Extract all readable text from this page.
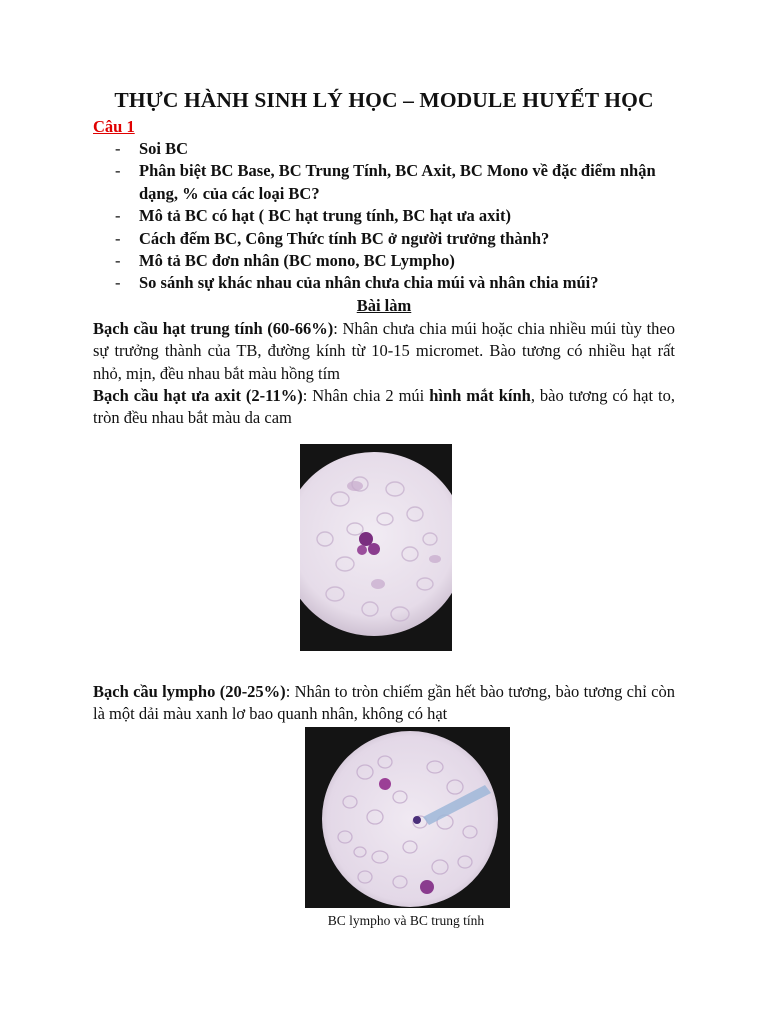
THỰC HÀNH SINH LÝ HỌC – MODULE HUYẾT HỌC
Câu 1
- Soi BC
- Phân biệt BC Base, BC Trung Tính, BC Axit, BC Mono về đặc điểm nhận dạng, % của các loại BC?
- Mô tả BC có hạt ( BC hạt trung tính, BC hạt ưa axit)
- Cách đếm BC, Công Thức tính BC ở người trưởng thành?
- Mô tả BC đơn nhân (BC mono, BC Lympho)
- So sánh sự khác nhau của nhân chưa chia múi và nhân chia múi?
Bài làm

Bạch cầu hạt trung tính (60-66%): Nhân chưa chia múi hoặc chia nhiều múi tùy theo sự trưởng thành của TB, đường kính từ 10-15 micromet. Bào tương có nhiều hạt rất nhỏ, mịn, đều nhau bắt màu hồng tím

Bạch cầu hạt ưa axit (2-11%): Nhân chia 2 múi hình mắt kính, bào tương có hạt to, tròn đều nhau bắt màu da cam

Bạch cầu lympho (20-25%): Nhân to tròn chiếm gần hết bào tương, bào tương chỉ còn là một dải màu xanh lơ bao quanh nhân, không có hạt

BC lympho và BC trung tính
